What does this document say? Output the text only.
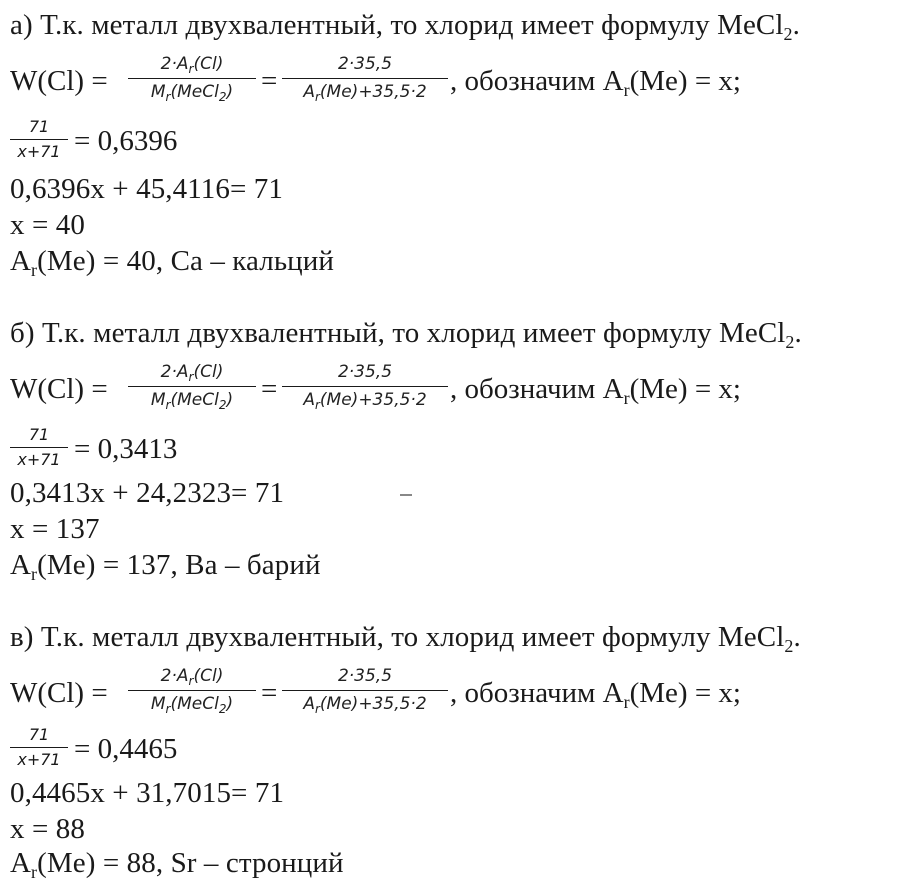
а) Т.к. металл двухвалентный, то хлорид имеет формулу MeCl$_2$.
W(Cl) =
$2\cdot A_r(Cl)$
$M_r(MeCl_2)$ =
2·35,5
$A_r(Me)+35,5\cdot 2$ , обозначим $A_r(Me) = x$;
71
x+71 = 0,6396
0,6396x + 45,4116= 71
x = 40
$A_r(Me) = 40$, Ca – кальций
б) Т.к. металл двухвалентный, то хлорид имеет формулу MeCl$_2$.
W(Cl) =
$2\cdot A_r(Cl)$
$M_r(MeCl_2)$ =
2·35,5
$A_r(Me)+35,5\cdot 2$ , обозначим $A_r(Me) = x$;
71
x+71 = 0,3413
0,3413x + 24,2323= 71
x = 137
$A_r(Me) = 137$, Ba – барий
в) Т.к. металл двухвалентный, то хлорид имеет формулу MeCl$_2$.
W(Cl) =
$2\cdot A_r(Cl)$
$M_r(MeCl_2)$ =
2·35,5
$A_r(Me)+35,5\cdot 2$ , обозначим $A_r(Me) = x$;
71
x+71 = 0,4465
0,4465x + 31,7015= 71
x = 88
$A_r(Me) = 88$, Sr – стронций
